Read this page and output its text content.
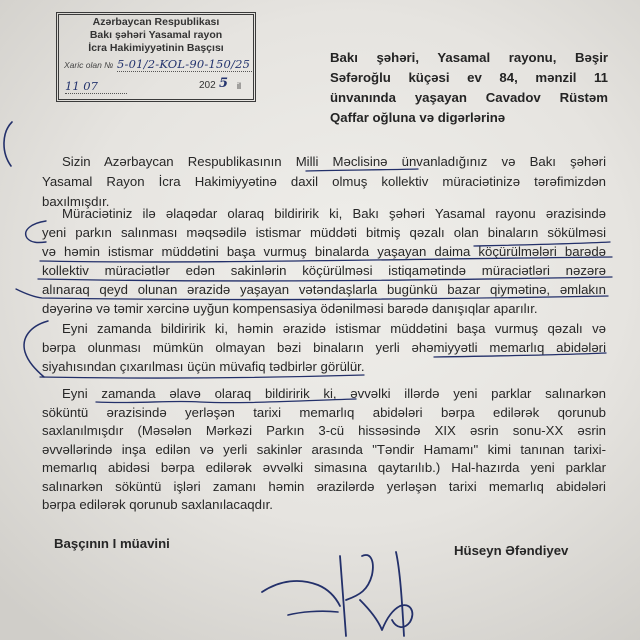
Azərbaycan Respublikası
Bakı şəhəri Yasamal rayon
İcra Hakimiyyətinin Başçısı
Xaric olan № 5-01/2-KOL-90-150/25
11 07	202 5 il
Bakı şəhəri, Yasamal rayonu, Bəşir
Səfəroğlu küçəsi ev 84, mənzil 11
ünvanında yaşayan Cavadov Rüstəm
Qaffar oğluna və digərlərinə
Sizin Azərbaycan Respublikasının Milli Məclisinə ünvanladığınız və Bakı şəhəri
Yasamal Rayon İcra Hakimiyyətinə daxil olmuş kollektiv müraciətinizə tərəfimizdən
baxılmışdır.
Müraciətiniz ilə əlaqədar olaraq bildiririk ki, Bakı şəhəri Yasamal rayonu ərazisində
yeni parkın salınması məqsədilə istismar müddəti bitmiş qəzalı olan binaların sökülməsi
və həmin istismar müddətini başa vurmuş binalarda yaşayan daima köçürülmələri barədə
kollektiv müraciətlər edən sakinlərin köçürülməsi istiqamətində müraciətləri nəzərə
alınaraq qeyd olunan ərazidə yaşayan vətəndaşlarla bugünkü bazar qiymətinə, əmlakın
dəyərinə və təmir xərcinə uyğun kompensasiya ödənilməsi barədə danışıqlar aparılır.
Eyni zamanda bildiririk ki, həmin ərazidə istismar müddətini başa vurmuş qəzalı və
bərpa olunması mümkün olmayan bəzi binaların yerli əhəmiyyətli memarlıq abidələri
siyahısından çıxarılması üçün müvafiq tədbirlər görülür.
Eyni zamanda əlavə olaraq bildiririk ki, əvvəlki illərdə yeni parklar salınarkən
söküntü ərazisində yerləşən tarixi memarlıq abidələri bərpa edilərək qorunub
saxlanılmışdır (Məsələn Mərkəzi Parkın 3-cü hissəsində XIX əsrin sonu-XX əsrin
əvvəllərində inşa edilən və yerli sakinlər arasında "Təndir Hamamı" kimi tanınan tarixi-
memarlıq abidəsi bərpa edilərək əvvəlki simasına qaytarılıb.) Hal-hazırda yeni parklar
salınarkən söküntü işləri zamanı həmin ərazilərdə yerləşən tarixi memarlıq abidələri
bərpa edilərək qorunub saxlanılacaqdır.
Başçının I müavini	Hüseyn Əfəndiyev
